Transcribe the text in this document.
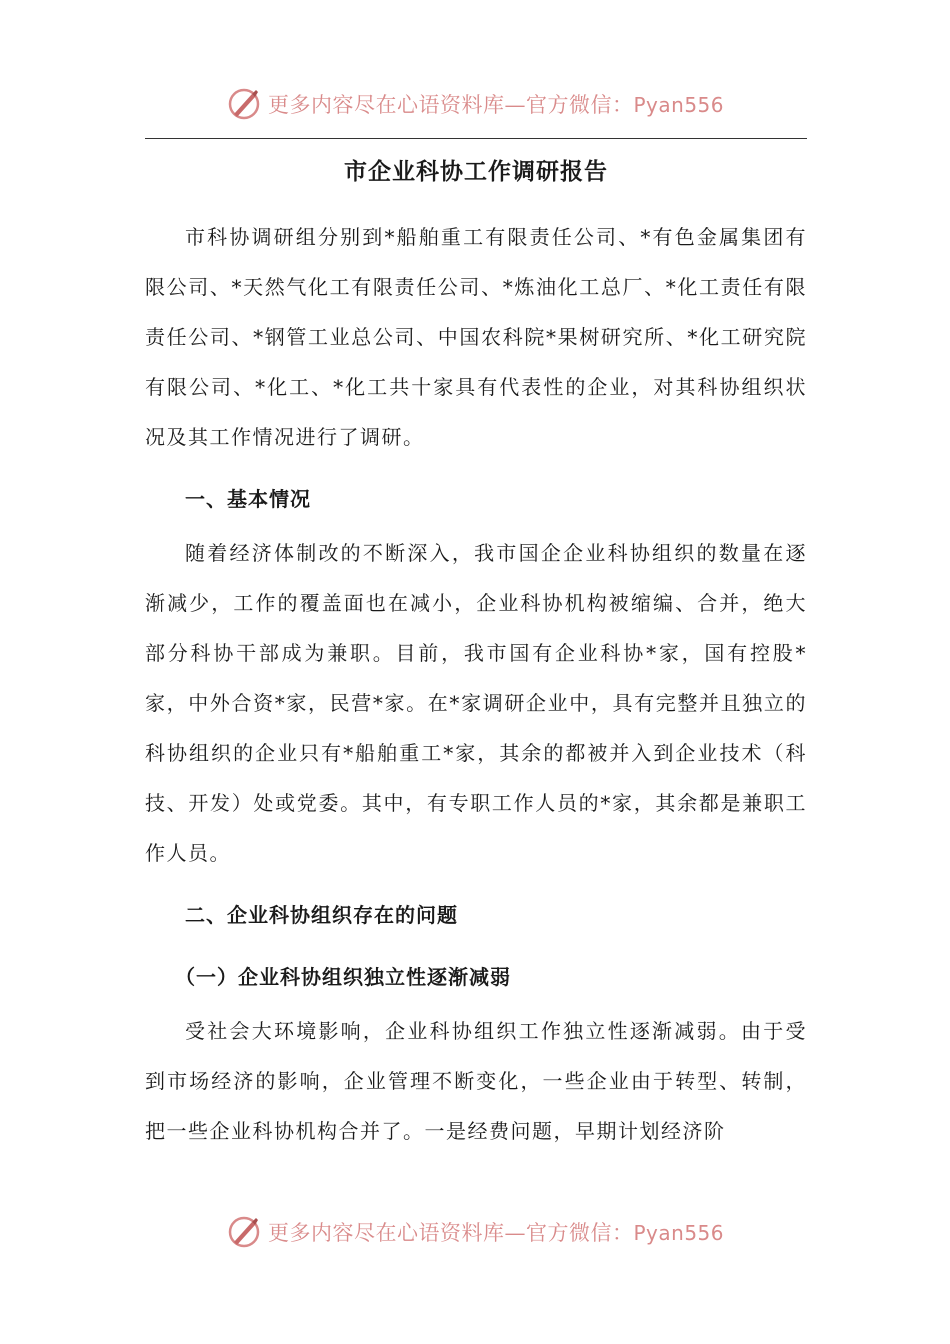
更多内容尽在心语资料库—官方微信：Pyan556
市企业科协工作调研报告

市科协调研组分别到*船舶重工有限责任公司、*有色金属集团有限公司、*天然气化工有限责任公司、*炼油化工总厂、*化工责任有限责任公司、*钢管工业总公司、中国农科院*果树研究所、*化工研究院有限公司、*化工、*化工共十家具有代表性的企业，对其科协组织状况及其工作情况进行了调研。

一、基本情况

随着经济体制改的不断深入，我市国企企业科协组织的数量在逐渐减少，工作的覆盖面也在减小，企业科协机构被缩编、合并，绝大部分科协干部成为兼职。目前，我市国有企业科协*家，国有控股*家，中外合资*家，民营*家。在*家调研企业中，具有完整并且独立的科协组织的企业只有*船舶重工*家，其余的都被并入到企业技术（科技、开发）处或党委。其中，有专职工作人员的*家，其余都是兼职工作人员。

二、企业科协组织存在的问题
（一）企业科协组织独立性逐渐减弱

受社会大环境影响，企业科协组织工作独立性逐渐减弱。由于受到市场经济的影响，企业管理不断变化，一些企业由于转型、转制，把一些企业科协机构合并了。一是经费问题，早期计划经济阶

更多内容尽在心语资料库—官方微信：Pyan556
